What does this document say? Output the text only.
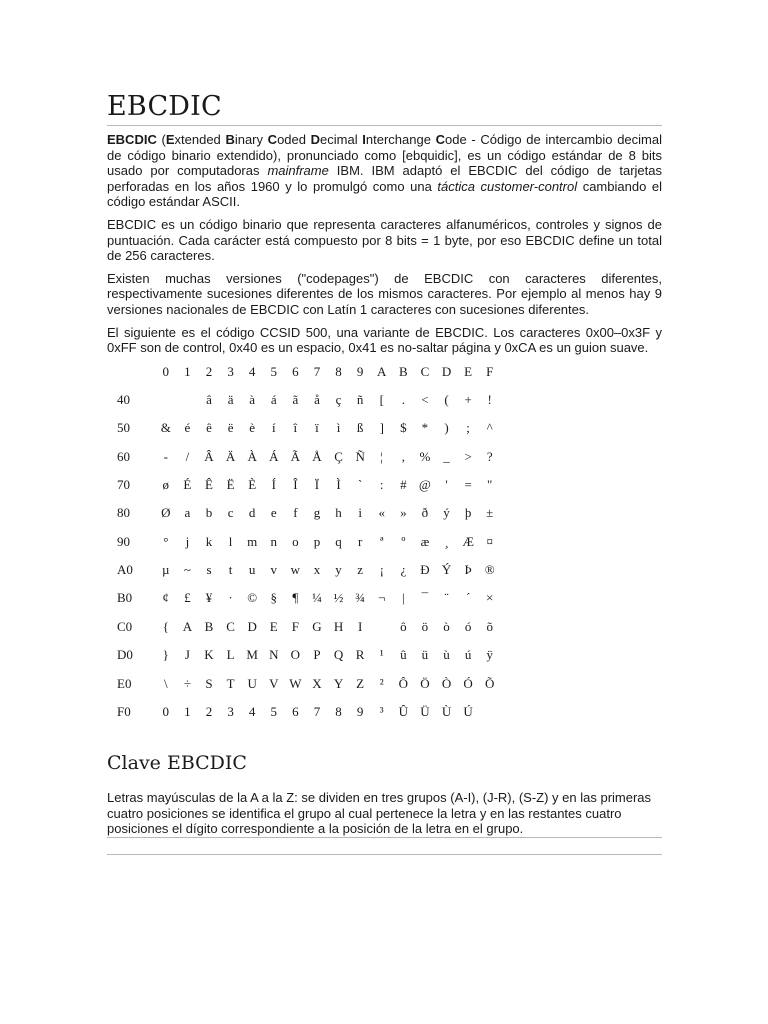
EBCDIC

EBCDIC (Extended Binary Coded Decimal Interchange Code - Código de intercambio decimal de código binario extendido), pronunciado como [ebquidic], es un código estándar de 8 bits usado por computadoras mainframe IBM. IBM adaptó el EBCDIC del código de tarjetas perforadas en los años 1960 y lo promulgó como una táctica customer-control cambiando el código estándar ASCII.

EBCDIC es un código binario que representa caracteres alfanuméricos, controles y signos de puntuación. Cada carácter está compuesto por 8 bits = 1 byte, por eso EBCDIC define un total de 256 caracteres.

Existen muchas versiones ("codepages") de EBCDIC con caracteres diferentes, respectivamente sucesiones diferentes de los mismos caracteres. Por ejemplo al menos hay 9 versiones nacionales de EBCDIC con Latín 1 caracteres con sucesiones diferentes.

El siguiente es el código CCSID 500, una variante de EBCDIC. Los caracteres 0x00–0x3F y 0xFF son de control, 0x40 es un espacio, 0x41 es no-saltar página y 0xCA es un guion suave.

	0	1	2	3	4	5	6	7	8	9	A	B	C	D	E	F
40			â	ä	à	á	ã	å	ç	ñ	[	.	<	(	+	!
50	&	é	ê	ë	è	í	î	ï	ì	ß	]	$	*	)	;	^
60	-	/	Â	Ä	À	Á	Ã	Å	Ç	Ñ	¦	,	%	_	>	?
70	ø	É	Ê	Ë	È	Í	Î	Ï	Ì	`	:	#	@	'	=	"
80	Ø	a	b	c	d	e	f	g	h	i	«	»	ð	ý	þ	±
90	°	j	k	l	m	n	o	p	q	r	ª	º	æ	¸	Æ	¤
A0	µ	~	s	t	u	v	w	x	y	z	¡	¿	Ð	Ý	Þ	®
B0	¢	£	¥	·	©	§	¶	¼	½	¾	¬	|	¯	¨	´	×
C0	{	A	B	C	D	E	F	G	H	I		ô	ö	ò	ó	õ
D0	}	J	K	L	M	N	O	P	Q	R	¹	û	ü	ù	ú	ÿ
E0	\	÷	S	T	U	V	W	X	Y	Z	²	Ô	Ö	Ò	Ó	Õ
F0	0	1	2	3	4	5	6	7	8	9	³	Û	Ü	Ù	Ú	
Clave EBCDIC

Letras mayúsculas de la A a la Z: se dividen en tres grupos (A-I), (J-R), (S-Z) y en las primeras cuatro posiciones se identifica el grupo al cual pertenece la letra y en las restantes cuatro posiciones el dígito correspondiente a la posición de la letra en el grupo.
